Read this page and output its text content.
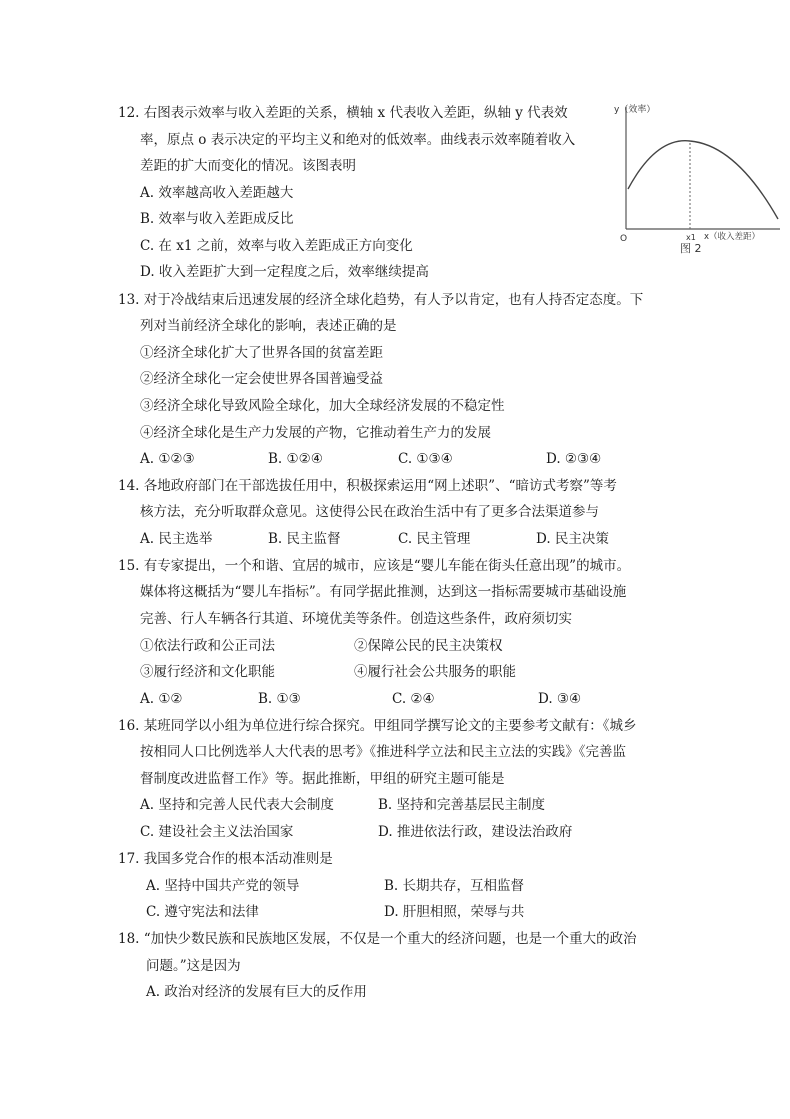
12. 右图表示效率与收入差距的关系，横轴 x 代表收入差距，纵轴 y 代表效
率，原点 o 表示决定的平均主义和绝对的低效率。曲线表示效率随着收入
差距的扩大而变化的情况。该图表明
A. 效率越高收入差距越大
B. 效率与收入差距成反比
C. 在 x1 之前，效率与收入差距成正方向变化
D. 收入差距扩大到一定程度之后，效率继续提高
y（效率）
x（收入差距）
O	x1
图 2
13. 对于冷战结束后迅速发展的经济全球化趋势，有人予以肯定，也有人持否定态度。下
列对当前经济全球化的影响，表述正确的是
①经济全球化扩大了世界各国的贫富差距
②经济全球化一定会使世界各国普遍受益
③经济全球化导致风险全球化，加大全球经济发展的不稳定性
④经济全球化是生产力发展的产物，它推动着生产力的发展
A. ①②③	B. ①②④	C. ①③④	D. ②③④
14. 各地政府部门在干部选拔任用中，积极探索运用“网上述职”、“暗访式考察”等考
核方法，充分听取群众意见。这使得公民在政治生活中有了更多合法渠道参与
A. 民主选举	B. 民主监督	C. 民主管理	D. 民主决策
15. 有专家提出，一个和谐、宜居的城市，应该是“婴儿车能在街头任意出现”的城市。
媒体将这概括为“婴儿车指标”。有同学据此推测，达到这一指标需要城市基础设施
完善、行人车辆各行其道、环境优美等条件。创造这些条件，政府须切实
①依法行政和公正司法	②保障公民的民主决策权
③履行经济和文化职能	④履行社会公共服务的职能
A. ①②	B. ①③	C. ②④	D. ③④
16. 某班同学以小组为单位进行综合探究。甲组同学撰写论文的主要参考文献有：《城乡
按相同人口比例选举人大代表的思考》《推进科学立法和民主立法的实践》《完善监
督制度改进监督工作》等。据此推断，甲组的研究主题可能是
A. 坚持和完善人民代表大会制度	B. 坚持和完善基层民主制度
C. 建设社会主义法治国家	D. 推进依法行政，建设法治政府
17. 我国多党合作的根本活动准则是
A. 坚持中国共产党的领导	B. 长期共存，互相监督
C. 遵守宪法和法律	D. 肝胆相照，荣辱与共
18. “加快少数民族和民族地区发展，不仅是一个重大的经济问题，也是一个重大的政治
问题。”这是因为
A. 政治对经济的发展有巨大的反作用
